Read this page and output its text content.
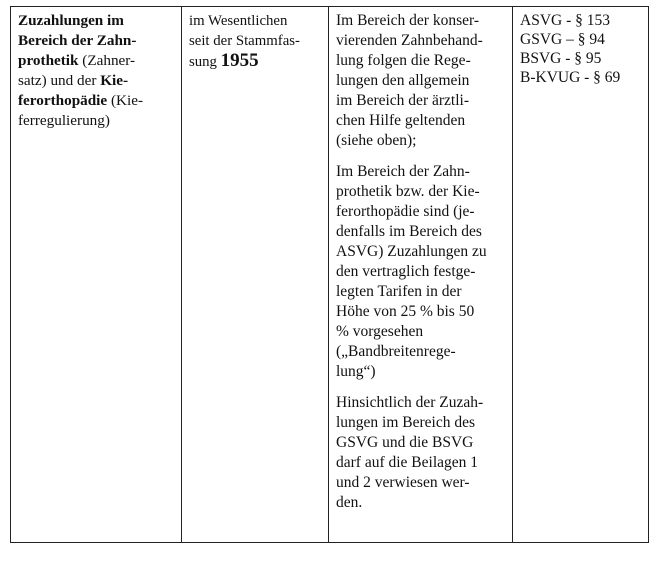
Zuzahlungen im
Bereich der Zahn-
prothetik (Zahner-
satz) und der Kie-
ferorthopädie (Kie-
ferregulierung)
im Wesentlichen
seit der Stammfas-
sung 1955
Im Bereich der konser-
vierenden Zahnbehand-
lung folgen die Rege-
lungen den allgemein
im Bereich der ärztli-
chen Hilfe geltenden
(siehe oben);
Im Bereich der Zahn-
prothetik bzw. der Kie-
ferorthopädie sind (je-
denfalls im Bereich des
ASVG) Zuzahlungen zu
den vertraglich festge-
legten Tarifen in der
Höhe von 25 % bis 50
% vorgesehen
(„Bandbreitenrege-
lung“)
Hinsichtlich der Zuzah-
lungen im Bereich des
GSVG und die BSVG
darf auf die Beilagen 1
und 2 verwiesen wer-
den.
ASVG - § 153
GSVG – § 94
BSVG - § 95
B-KVUG - § 69
